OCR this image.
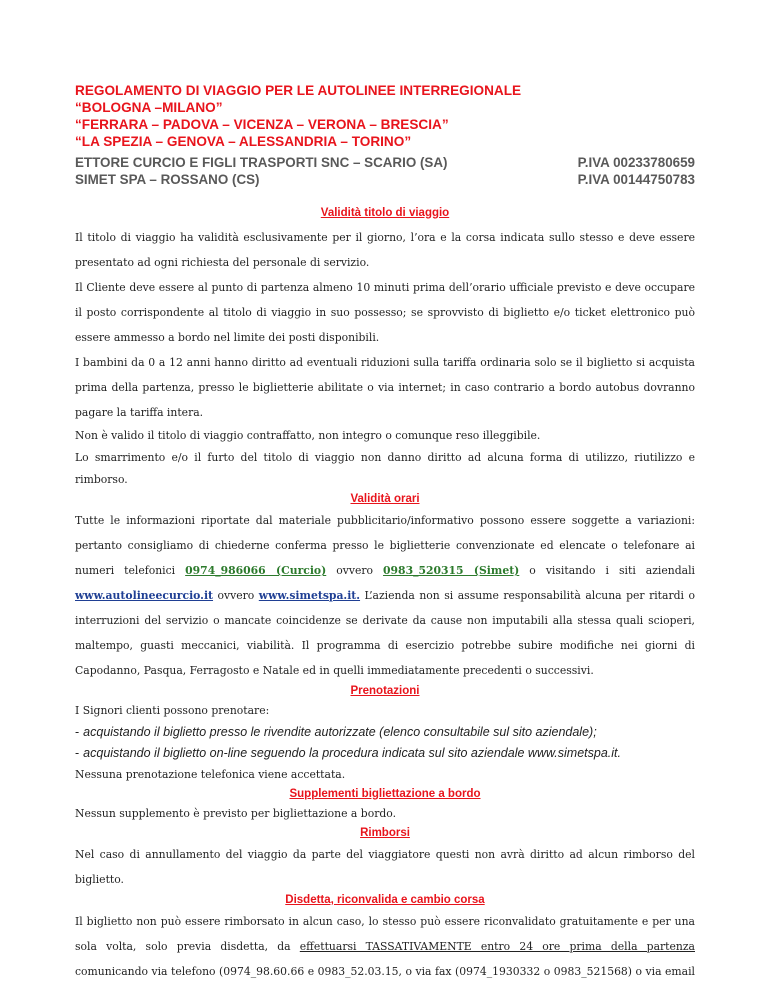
REGOLAMENTO DI VIAGGIO PER LE AUTOLINEE INTERREGIONALE
“BOLOGNA –MILANO”
“FERRARA – PADOVA – VICENZA – VERONA – BRESCIA”
“LA SPEZIA – GENOVA – ALESSANDRIA – TORINO”
ETTORE CURCIO E FIGLI TRASPORTI SNC – SCARIO (SA)	P.IVA 00233780659
SIMET SPA – ROSSANO (CS)	P.IVA 00144750783
Validità titolo di viaggio

Il titolo di viaggio ha validità esclusivamente per il giorno, l’ora e la corsa indicata sullo stesso e deve essere presentato ad ogni richiesta del personale di servizio.

Il Cliente deve essere al punto di partenza almeno 10 minuti prima dell’orario ufficiale previsto e deve occupare il posto corrispondente al titolo di viaggio in suo possesso; se sprovvisto di biglietto e/o ticket elettronico può essere ammesso a bordo nel limite dei posti disponibili.

I bambini da 0 a 12 anni hanno diritto ad eventuali riduzioni sulla tariffa ordinaria solo se il biglietto si acquista prima della partenza, presso le biglietterie abilitate o via internet; in caso contrario a bordo autobus dovranno pagare la tariffa intera.

Non è valido il titolo di viaggio contraffatto, non integro o comunque reso illeggibile.

Lo smarrimento e/o il furto del titolo di viaggio non danno diritto ad alcuna forma di utilizzo, riutilizzo e rimborso.

Validità orari

Tutte le informazioni riportate dal materiale pubblicitario/informativo possono essere soggette a variazioni: pertanto consigliamo di chiederne conferma presso le biglietterie convenzionate ed elencate o telefonare ai numeri telefonici 0974_986066 (Curcio) ovvero 0983_520315 (Simet) o visitando i siti aziendali www.autolineecurcio.it ovvero www.simetspa.it. L’azienda non si assume responsabilità alcuna per ritardi o interruzioni del servizio o mancate coincidenze se derivate da cause non imputabili alla stessa quali scioperi, maltempo, guasti meccanici, viabilità. Il programma di esercizio potrebbe subire modifiche nei giorni di Capodanno, Pasqua, Ferragosto e Natale ed in quelli immediatamente precedenti o successivi.

Prenotazioni

I Signori clienti possono prenotare:

- acquistando il biglietto presso le rivendite autorizzate (elenco consultabile sul sito aziendale);
- acquistando il biglietto on-line seguendo la procedura indicata sul sito aziendale www.simetspa.it.

Nessuna prenotazione telefonica viene accettata.

Supplementi bigliettazione a bordo

Nessun supplemento è previsto per bigliettazione a bordo.

Rimborsi

Nel caso di annullamento del viaggio da parte del viaggiatore questi non avrà diritto ad alcun rimborso del biglietto.

Disdetta, riconvalida e cambio corsa

Il biglietto non può essere rimborsato in alcun caso, lo stesso può essere riconvalidato gratuitamente e per una sola volta, solo previa disdetta, da effettuarsi TASSATIVAMENTE entro 24 ore prima della partenza comunicando via telefono (0974_98.60.66 e 0983_52.03.15, o via fax (0974_1930332 o 0983_521568) o via email
